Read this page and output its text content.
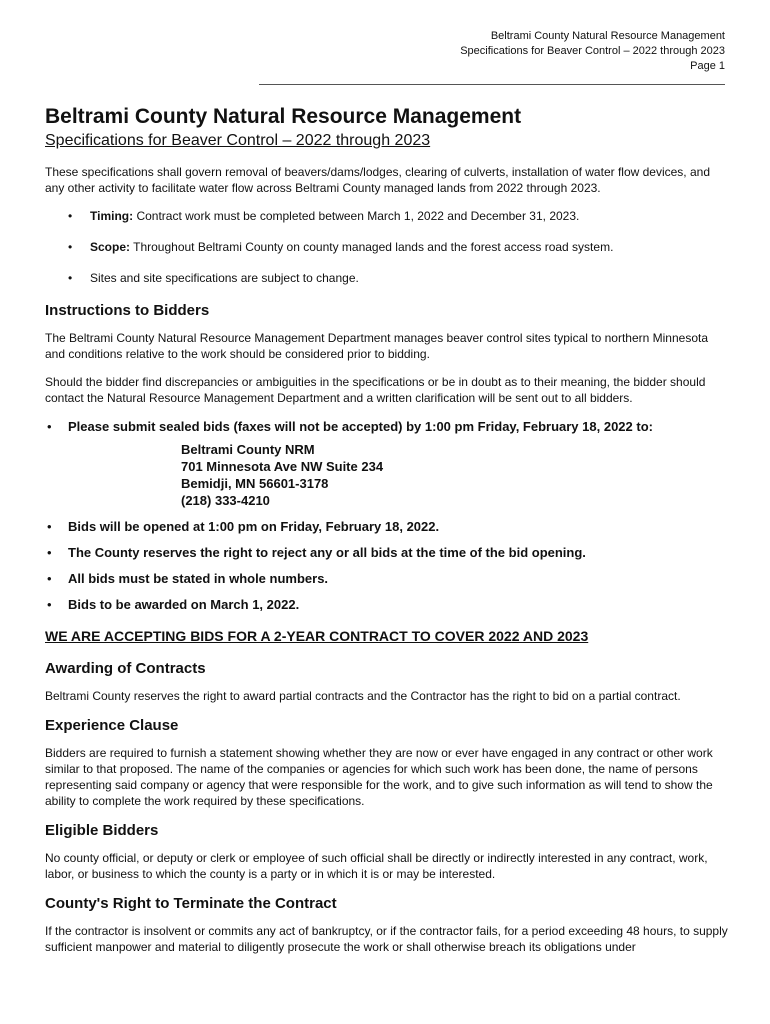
Beltrami County Natural Resource Management
Specifications for Beaver Control – 2022 through 2023
Page 1
Beltrami County Natural Resource Management
Specifications for Beaver Control – 2022 through 2023

These specifications shall govern removal of beavers/dams/lodges, clearing of culverts, installation of water flow devices, and any other activity to facilitate water flow across Beltrami County managed lands from 2022 through 2023.

• Timing: Contract work must be completed between March 1, 2022 and December 31, 2023.
• Scope: Throughout Beltrami County on county managed lands and the forest access road system.
• Sites and site specifications are subject to change.
Instructions to Bidders

The Beltrami County Natural Resource Management Department manages beaver control sites typical to northern Minnesota and conditions relative to the work should be considered prior to bidding.

Should the bidder find discrepancies or ambiguities in the specifications or be in doubt as to their meaning, the bidder should contact the Natural Resource Management Department and a written clarification will be sent out to all bidders.

• Please submit sealed bids (faxes will not be accepted) by 1:00 pm Friday, February 18, 2022 to:
Beltrami County NRM
701 Minnesota Ave NW Suite 234
Bemidji, MN 56601-3178
(218) 333-4210
• Bids will be opened at 1:00 pm on Friday, February 18, 2022.
• The County reserves the right to reject any or all bids at the time of the bid opening.
• All bids must be stated in whole numbers.
• Bids to be awarded on March 1, 2022.
WE ARE ACCEPTING BIDS FOR A 2-YEAR CONTRACT TO COVER 2022 AND 2023
Awarding of Contracts

Beltrami County reserves the right to award partial contracts and the Contractor has the right to bid on a partial contract.

Experience Clause

Bidders are required to furnish a statement showing whether they are now or ever have engaged in any contract or other work similar to that proposed. The name of the companies or agencies for which such work has been done, the name of persons representing said company or agency that were responsible for the work, and to give such information as will tend to show the ability to complete the work required by these specifications.

Eligible Bidders

No county official, or deputy or clerk or employee of such official shall be directly or indirectly interested in any contract, work, labor, or business to which the county is a party or in which it is or may be interested.

County's Right to Terminate the Contract

If the contractor is insolvent or commits any act of bankruptcy, or if the contractor fails, for a period exceeding 48 hours, to supply sufficient manpower and material to diligently prosecute the work or shall otherwise breach its obligations under
